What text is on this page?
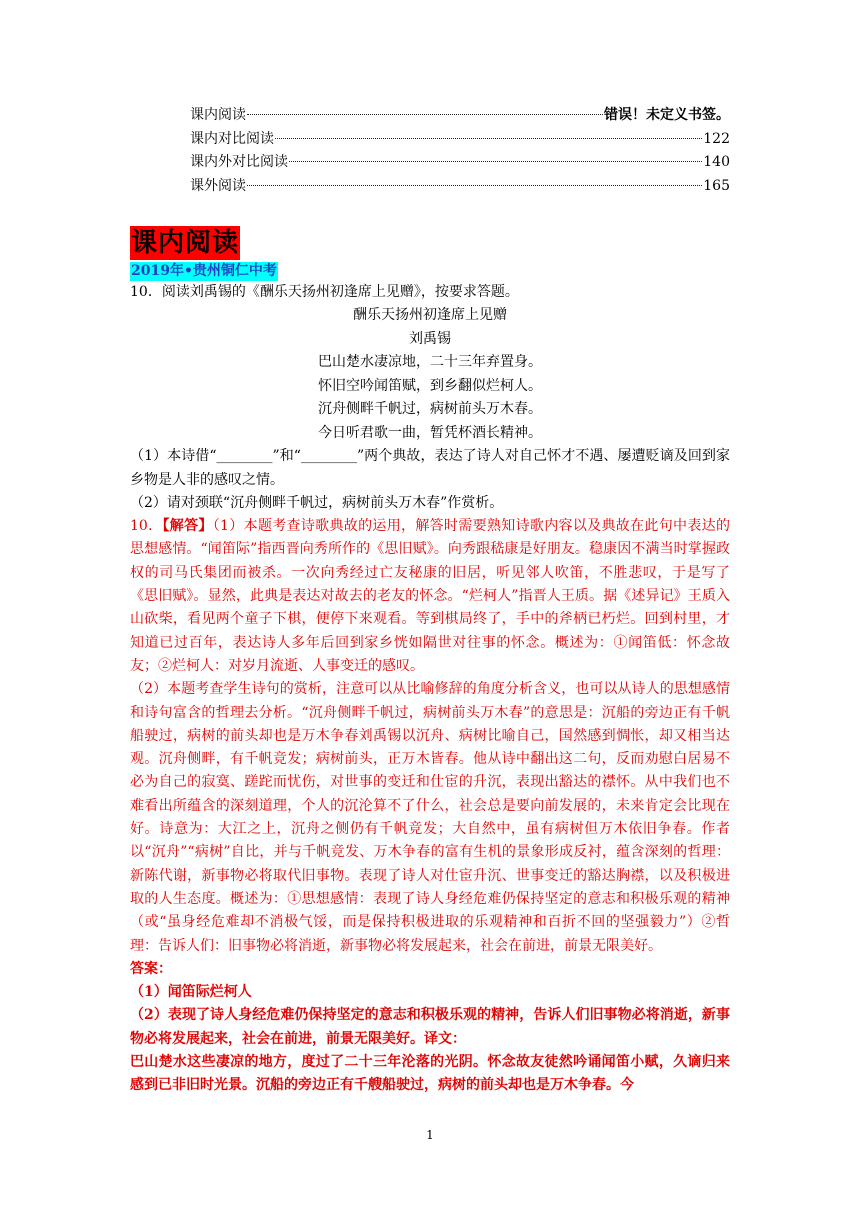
课内阅读	错误！未定义书签。
课内对比阅读	122
课内外对比阅读	140
课外阅读	165
课内阅读
2019年•贵州铜仁中考

10．阅读刘禹锡的《酬乐天扬州初逢席上见赠》，按要求答题。

酬乐天扬州初逢席上见赠

刘禹锡

巴山楚水凄凉地，二十三年弃置身。

怀旧空吟闻笛赋，到乡翻似烂柯人。

沉舟侧畔千帆过，病树前头万木春。

今日听君歌一曲，暂凭杯酒长精神。

（1）本诗借“________”和“________”两个典故，表达了诗人对自己怀才不遇、屡遭贬谪及回到家乡物是人非的感叹之情。

（2）请对颈联“沉舟侧畔千帆过，病树前头万木春”作赏析。

10．【解答】（1）本题考查诗歌典故的运用，解答时需要熟知诗歌内容以及典故在此句中表达的思想感情。“闻笛际”指西晋向秀所作的《思旧赋》。向秀跟嵇康是好朋友。稳康因不满当时掌握政权的司马氏集团而被杀。一次向秀经过亡友秘康的旧居，听见邻人吹笛，不胜悲叹，于是写了《思旧赋》。显然，此典是表达对故去的老友的怀念。“烂柯人”指晋人王质。据《述异记》王质入山砍柴，看见两个童子下棋，便停下来观看。等到棋局终了，手中的斧柄已朽烂。回到村里，才知道已过百年，表达诗人多年后回到家乡恍如隔世对往事的怀念。概述为：①闻笛低：怀念故友；②烂柯人：对岁月流逝、人事变迁的感叹。

（2）本题考查学生诗句的赏析，注意可以从比喻修辞的角度分析含义，也可以从诗人的思想感情和诗句富含的哲理去分析。“沉舟侧畔千帆过，病树前头万木春”的意思是：沉船的旁边正有千帆船驶过，病树的前头却也是万木争春刘禹锡以沉舟、病树比喻自己，国然感到惆怅，却又相当达观。沉舟侧畔，有千帆竞发；病树前头，正万木皆春。他从诗中翻出这二句，反而劝慰白居易不必为自己的寂寞、蹉跎而忧伤，对世事的变迁和仕宦的升沉，表现出豁达的襟怀。从中我们也不难看出所蕴含的深刻道理，个人的沉沦算不了什么，社会总是要向前发展的，未来肯定会比现在好。诗意为：大江之上，沉舟之侧仍有千帆竞发；大自然中，虽有病树但万木依旧争春。作者以“沉舟”“病树”自比，并与千帆竞发、万木争春的富有生机的景象形成反衬，蕴含深刻的哲理：新陈代谢，新事物必将取代旧事物。表现了诗人对仕宦升沉、世事变迁的豁达胸襟，以及积极进取的人生态度。概述为：①思想感情：表现了诗人身经危难仍保持坚定的意志和积极乐观的精神（或“虽身经危难却不消极气馁，而是保持积极进取的乐观精神和百折不回的坚强毅力”）②哲理：告诉人们：旧事物必将消逝，新事物必将发展起来，社会在前进，前景无限美好。

答案：

（1）闻笛际烂柯人

（2）表现了诗人身经危难仍保持坚定的意志和积极乐观的精神，告诉人们旧事物必将消逝，新事物必将发展起来，社会在前进，前景无限美好。译文：

巴山楚水这些凄凉的地方，度过了二十三年沦落的光阴。怀念故友徒然吟诵闻笛小赋，久谪归来感到已非旧时光景。沉船的旁边正有千艘船驶过，病树的前头却也是万木争春。今

1
